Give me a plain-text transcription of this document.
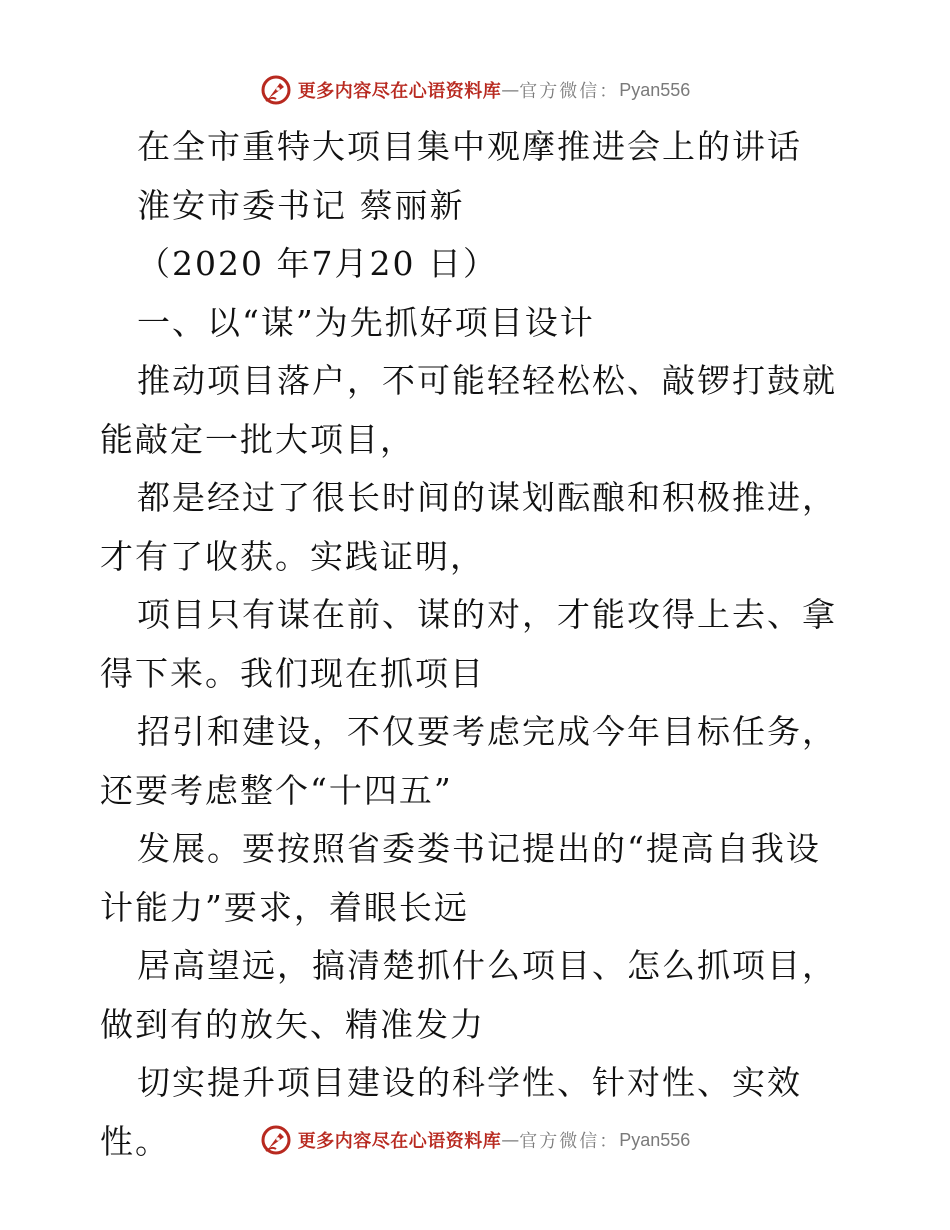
更多内容尽在心语资料库 — 官方微信： Pyan556

在全市重特大项目集中观摩推进会上的讲话

淮安市委书记 蔡丽新

（2020 年7月20 日）

一、以“谋”为先抓好项目设计

推动项目落户，不可能轻轻松松、敲锣打鼓就能敲定一批大项目，

都是经过了很长时间的谋划酝酿和积极推进，才有了收获。实践证明，

项目只有谋在前、谋的对，才能攻得上去、拿得下来。我们现在抓项目

招引和建设，不仅要考虑完成今年目标任务，还要考虑整个“十四五”

发展。要按照省委娄书记提出的“提高自我设计能力”要求，着眼长远

居高望远，搞清楚抓什么项目、怎么抓项目，做到有的放矢、精准发力

切实提升项目建设的科学性、针对性、实效性。	更多内容尽在心语资料库 — 官方微信： Pyan556
